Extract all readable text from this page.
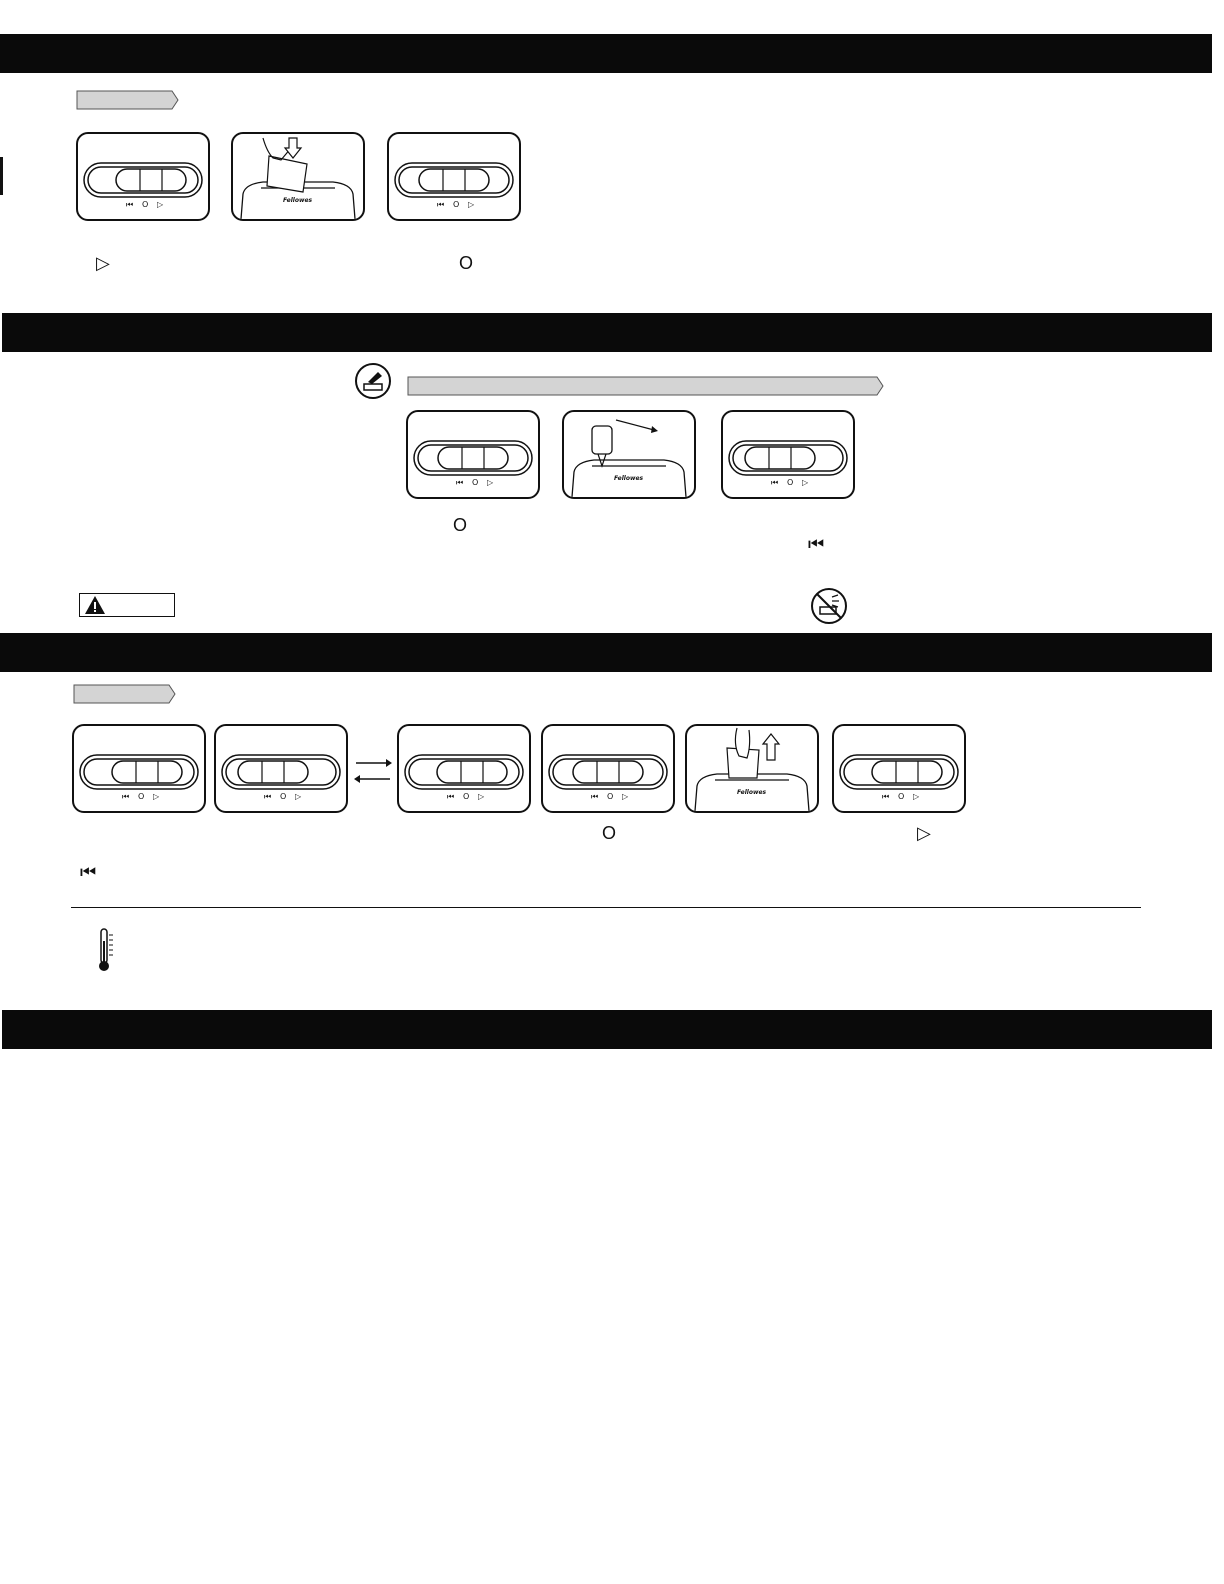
⏮ O ▷	Fellowes	⏮ O ▷
⏮ O ▷	Fellowes	⏮ O ▷
⏮ O ▷	⏮ O ▷	⏮ O ▷	⏮ O ▷	Fellowes	⏮ O ▷
▷	O
O
⏮
O	▷
⏮
